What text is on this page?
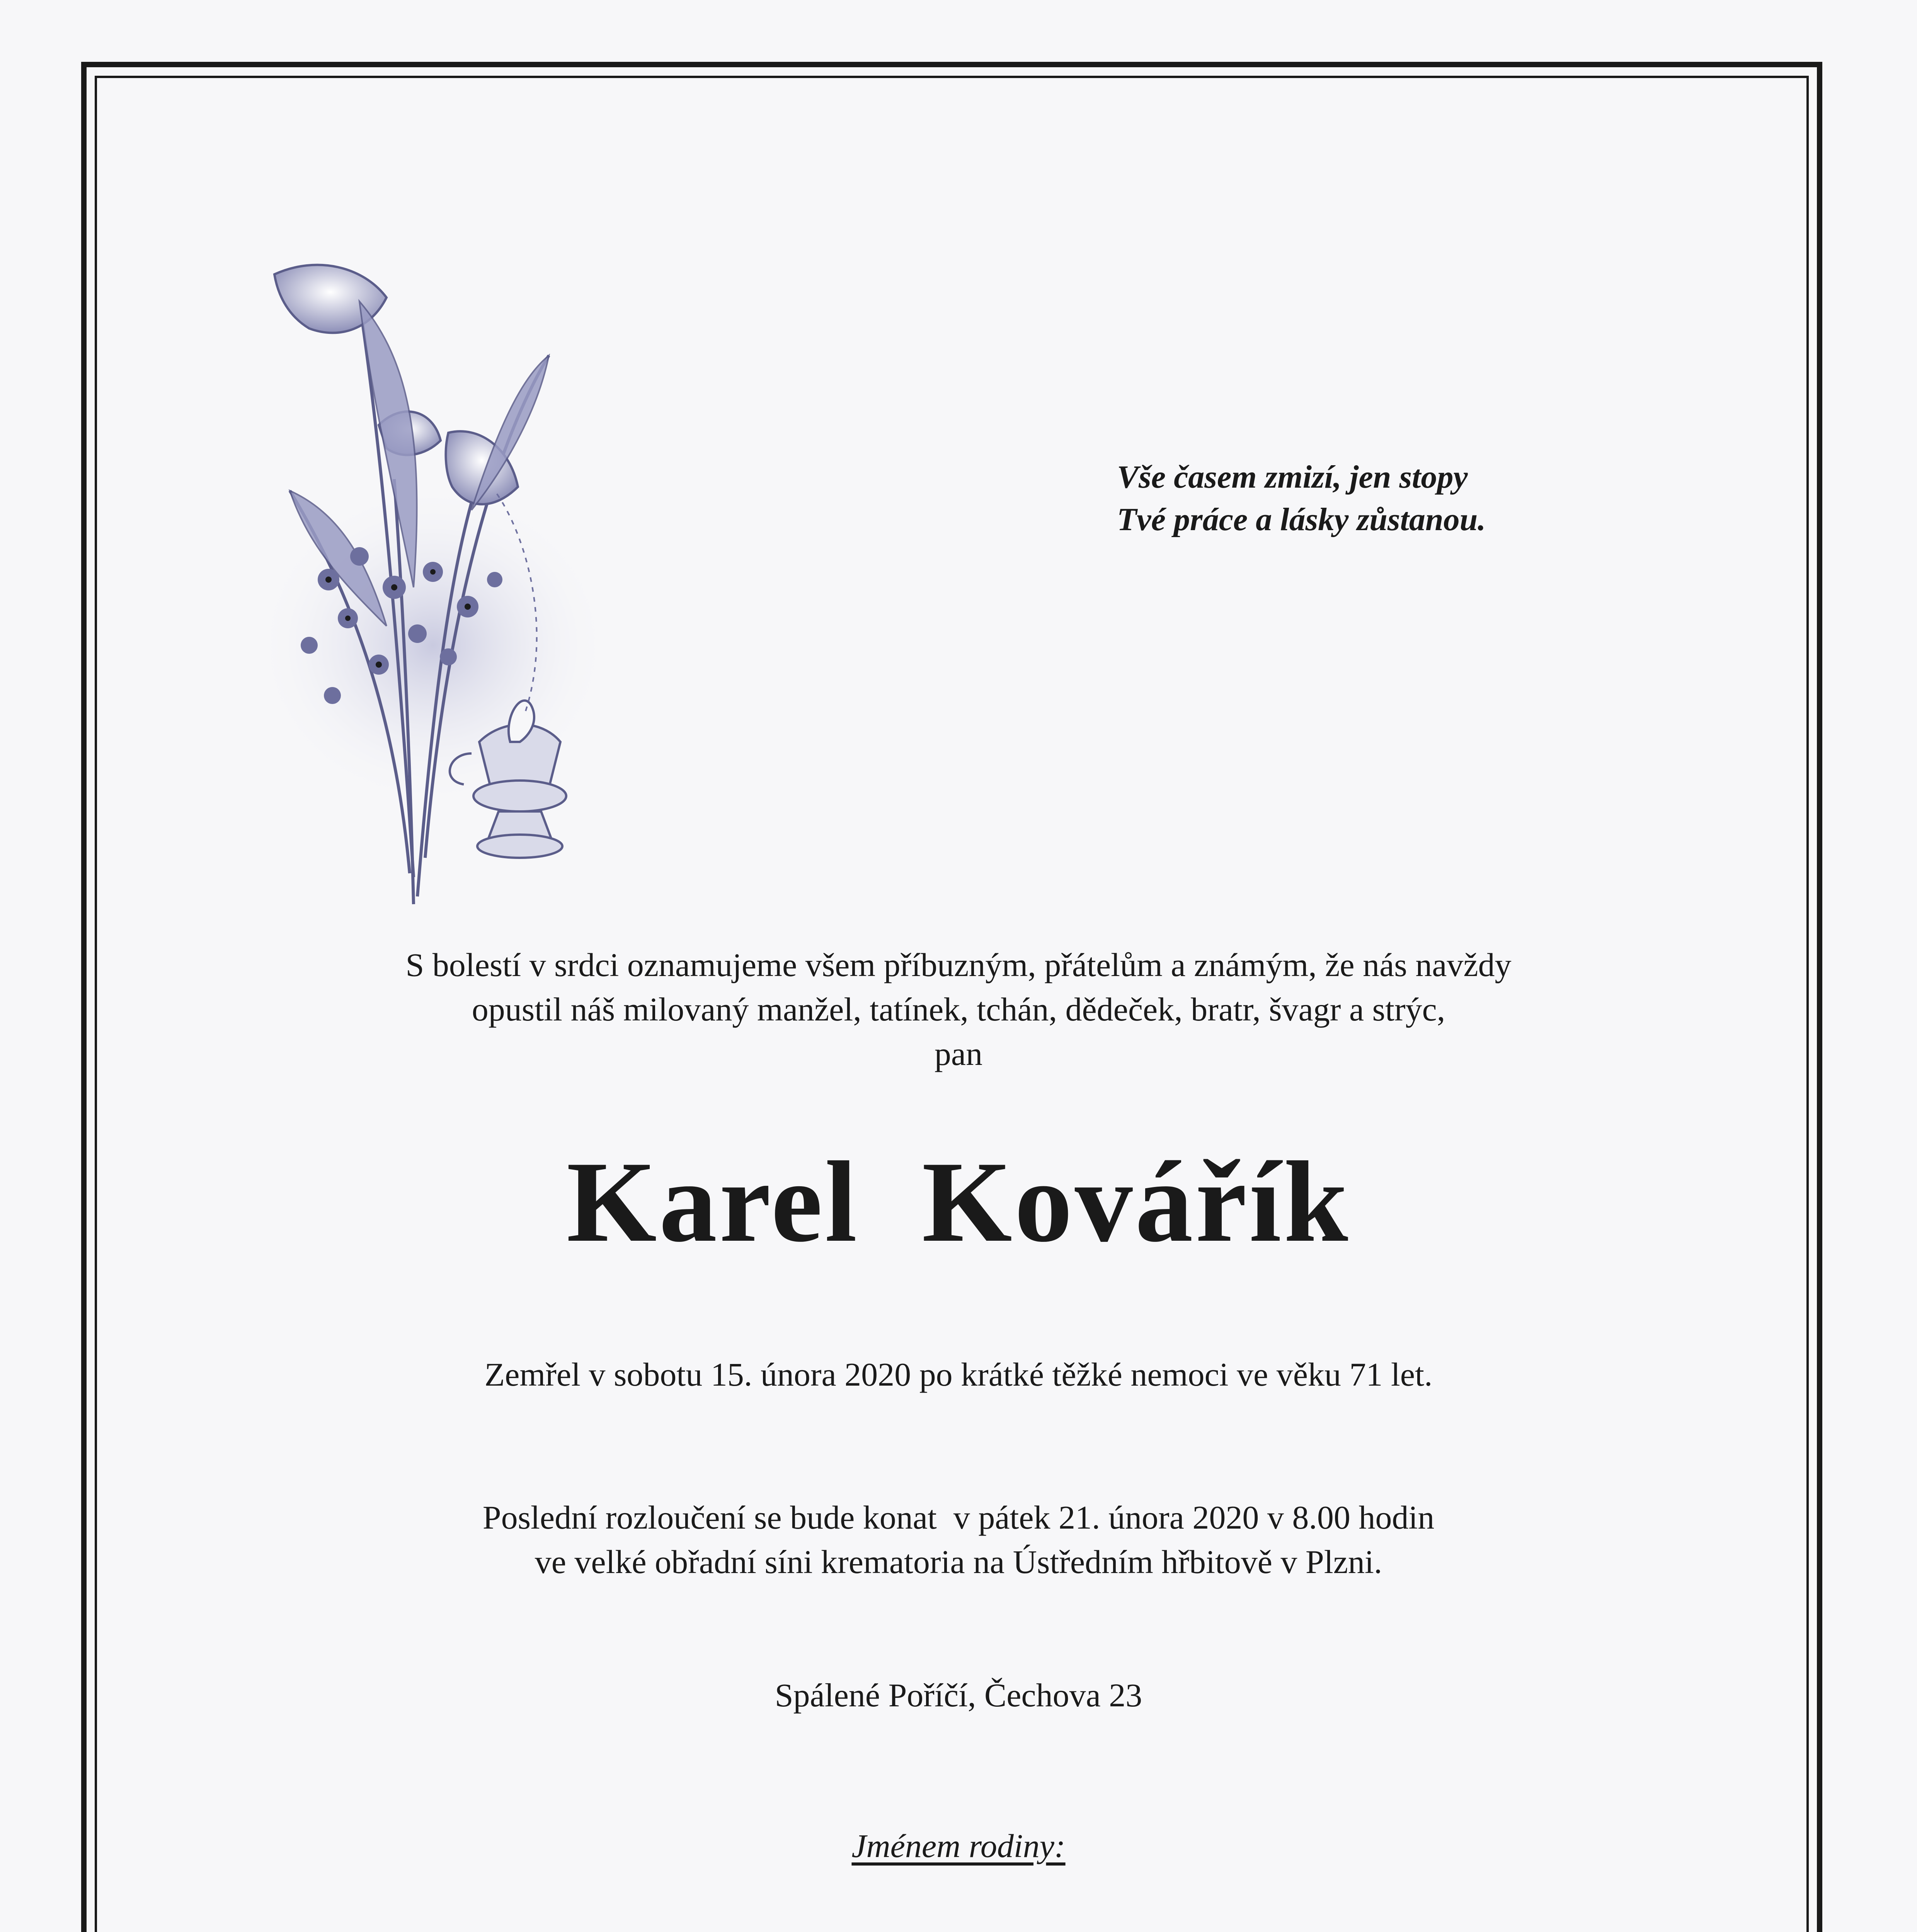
Vše časem zmizí, jen stopy
Tvé práce a lásky zůstanou.
S bolestí v srdci oznamujeme všem příbuzným, přátelům a známým, že nás navždy
opustil náš milovaný manžel, tatínek, tchán, dědeček, bratr, švagr a strýc,
pan
Karel  Kovářík
Zemřel v sobotu 15. února 2020 po krátké těžké nemoci ve věku 71 let.
Poslední rozloučení se bude konat  v pátek 21. února 2020 v 8.00 hodin
ve velké obřadní síni krematoria na Ústředním hřbitově v Plzni.
Spálené Poříčí, Čechova 23
Jménem rodiny:
